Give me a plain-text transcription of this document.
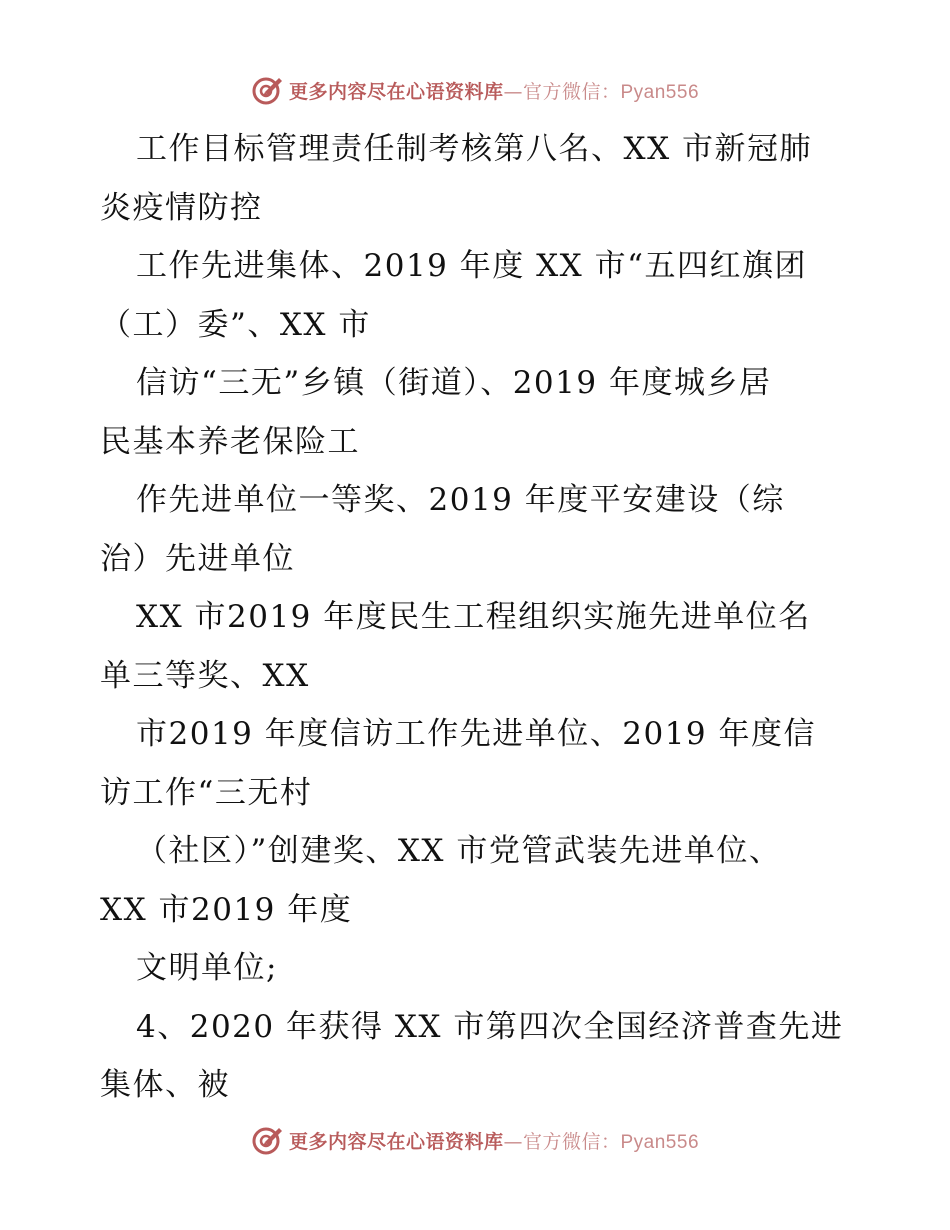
更多内容尽在心语资料库—官方微信：Pyan556
工作目标管理责任制考核第八名、XX 市新冠肺
炎疫情防控
工作先进集体、2019 年度 XX 市“五四红旗团
（工）委”、XX 市
信访“三无”乡镇（街道）、2019 年度城乡居
民基本养老保险工
作先进单位一等奖、2019 年度平安建设（综
治）先进单位
XX 市2019 年度民生工程组织实施先进单位名
单三等奖、XX
市2019 年度信访工作先进单位、2019 年度信
访工作“三无村
（社区）”创建奖、XX 市党管武装先进单位、
XX 市2019 年度
文明单位;
4、2020 年获得 XX 市第四次全国经济普查先进
集体、被
更多内容尽在心语资料库—官方微信：Pyan556
